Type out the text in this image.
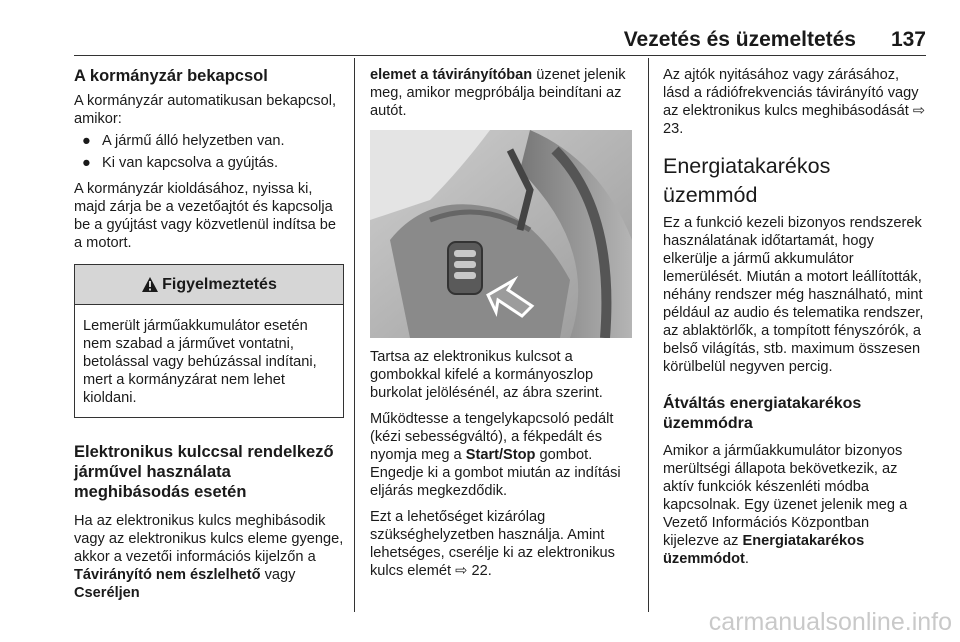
Vezetés és üzemeltetés 137
A kormányzár bekapcsol

A kormányzár automatikusan bekapcsol, amikor:

● A jármű álló helyzetben van.
● Ki van kapcsolva a gyújtás.

A kormányzár kioldásához, nyissa ki, majd zárja be a vezetőajtót és kapcsolja be a gyújtást vagy közvetlenül indítsa be a motort.

Figyelmeztetés
Lemerült járműakkumulátor esetén nem szabad a járművet vontatni, betolással vagy behúzással indítani, mert a kormányzárat nem lehet kioldani.
Elektronikus kulccsal rendelkező járművel használata meghibásodás esetén

Ha az elektronikus kulcs meghibásodik vagy az elektronikus kulcs eleme gyenge, akkor a vezetői információs kijelzőn a Távirányító nem észlelhető vagy Cseréljen

elemet a távirányítóban üzenet jelenik meg, amikor megpróbálja beindítani az autót.

Tartsa az elektronikus kulcsot a gombokkal kifelé a kormányoszlop burkolat jelölésénél, az ábra szerint.

Működtesse a tengelykapcsoló pedált (kézi sebességváltó), a fékpedált és nyomja meg a Start/Stop gombot. Engedje ki a gombot miután az indítási eljárás megkezdődik.

Ezt a lehetőséget kizárólag szükséghelyzetben használja. Amint lehetséges, cserélje ki az elektronikus kulcs elemét ⇨ 22.

Az ajtók nyitásához vagy zárásához, lásd a rádiófrekvenciás távirányító vagy az elektronikus kulcs meghibásodását ⇨ 23.

Energiatakarékos üzemmód

Ez a funkció kezeli bizonyos rendszerek használatának időtartamát, hogy elkerülje a jármű akkumulátor lemerülését. Miután a motort leállították, néhány rendszer még használható, mint például az audio és telematika rendszer, az ablaktörlők, a tompított fényszórók, a belső világítás, stb. maximum összesen körülbelül negyven percig.

Átváltás energiatakarékos üzemmódra

Amikor a járműakkumulátor bizonyos merültségi állapota bekövetkezik, az aktív funkciók készenléti módba kapcsolnak. Egy üzenet jelenik meg a Vezető Információs Központban kijelezve az Energiatakarékos üzemmódot.

carmanualsonline.info
